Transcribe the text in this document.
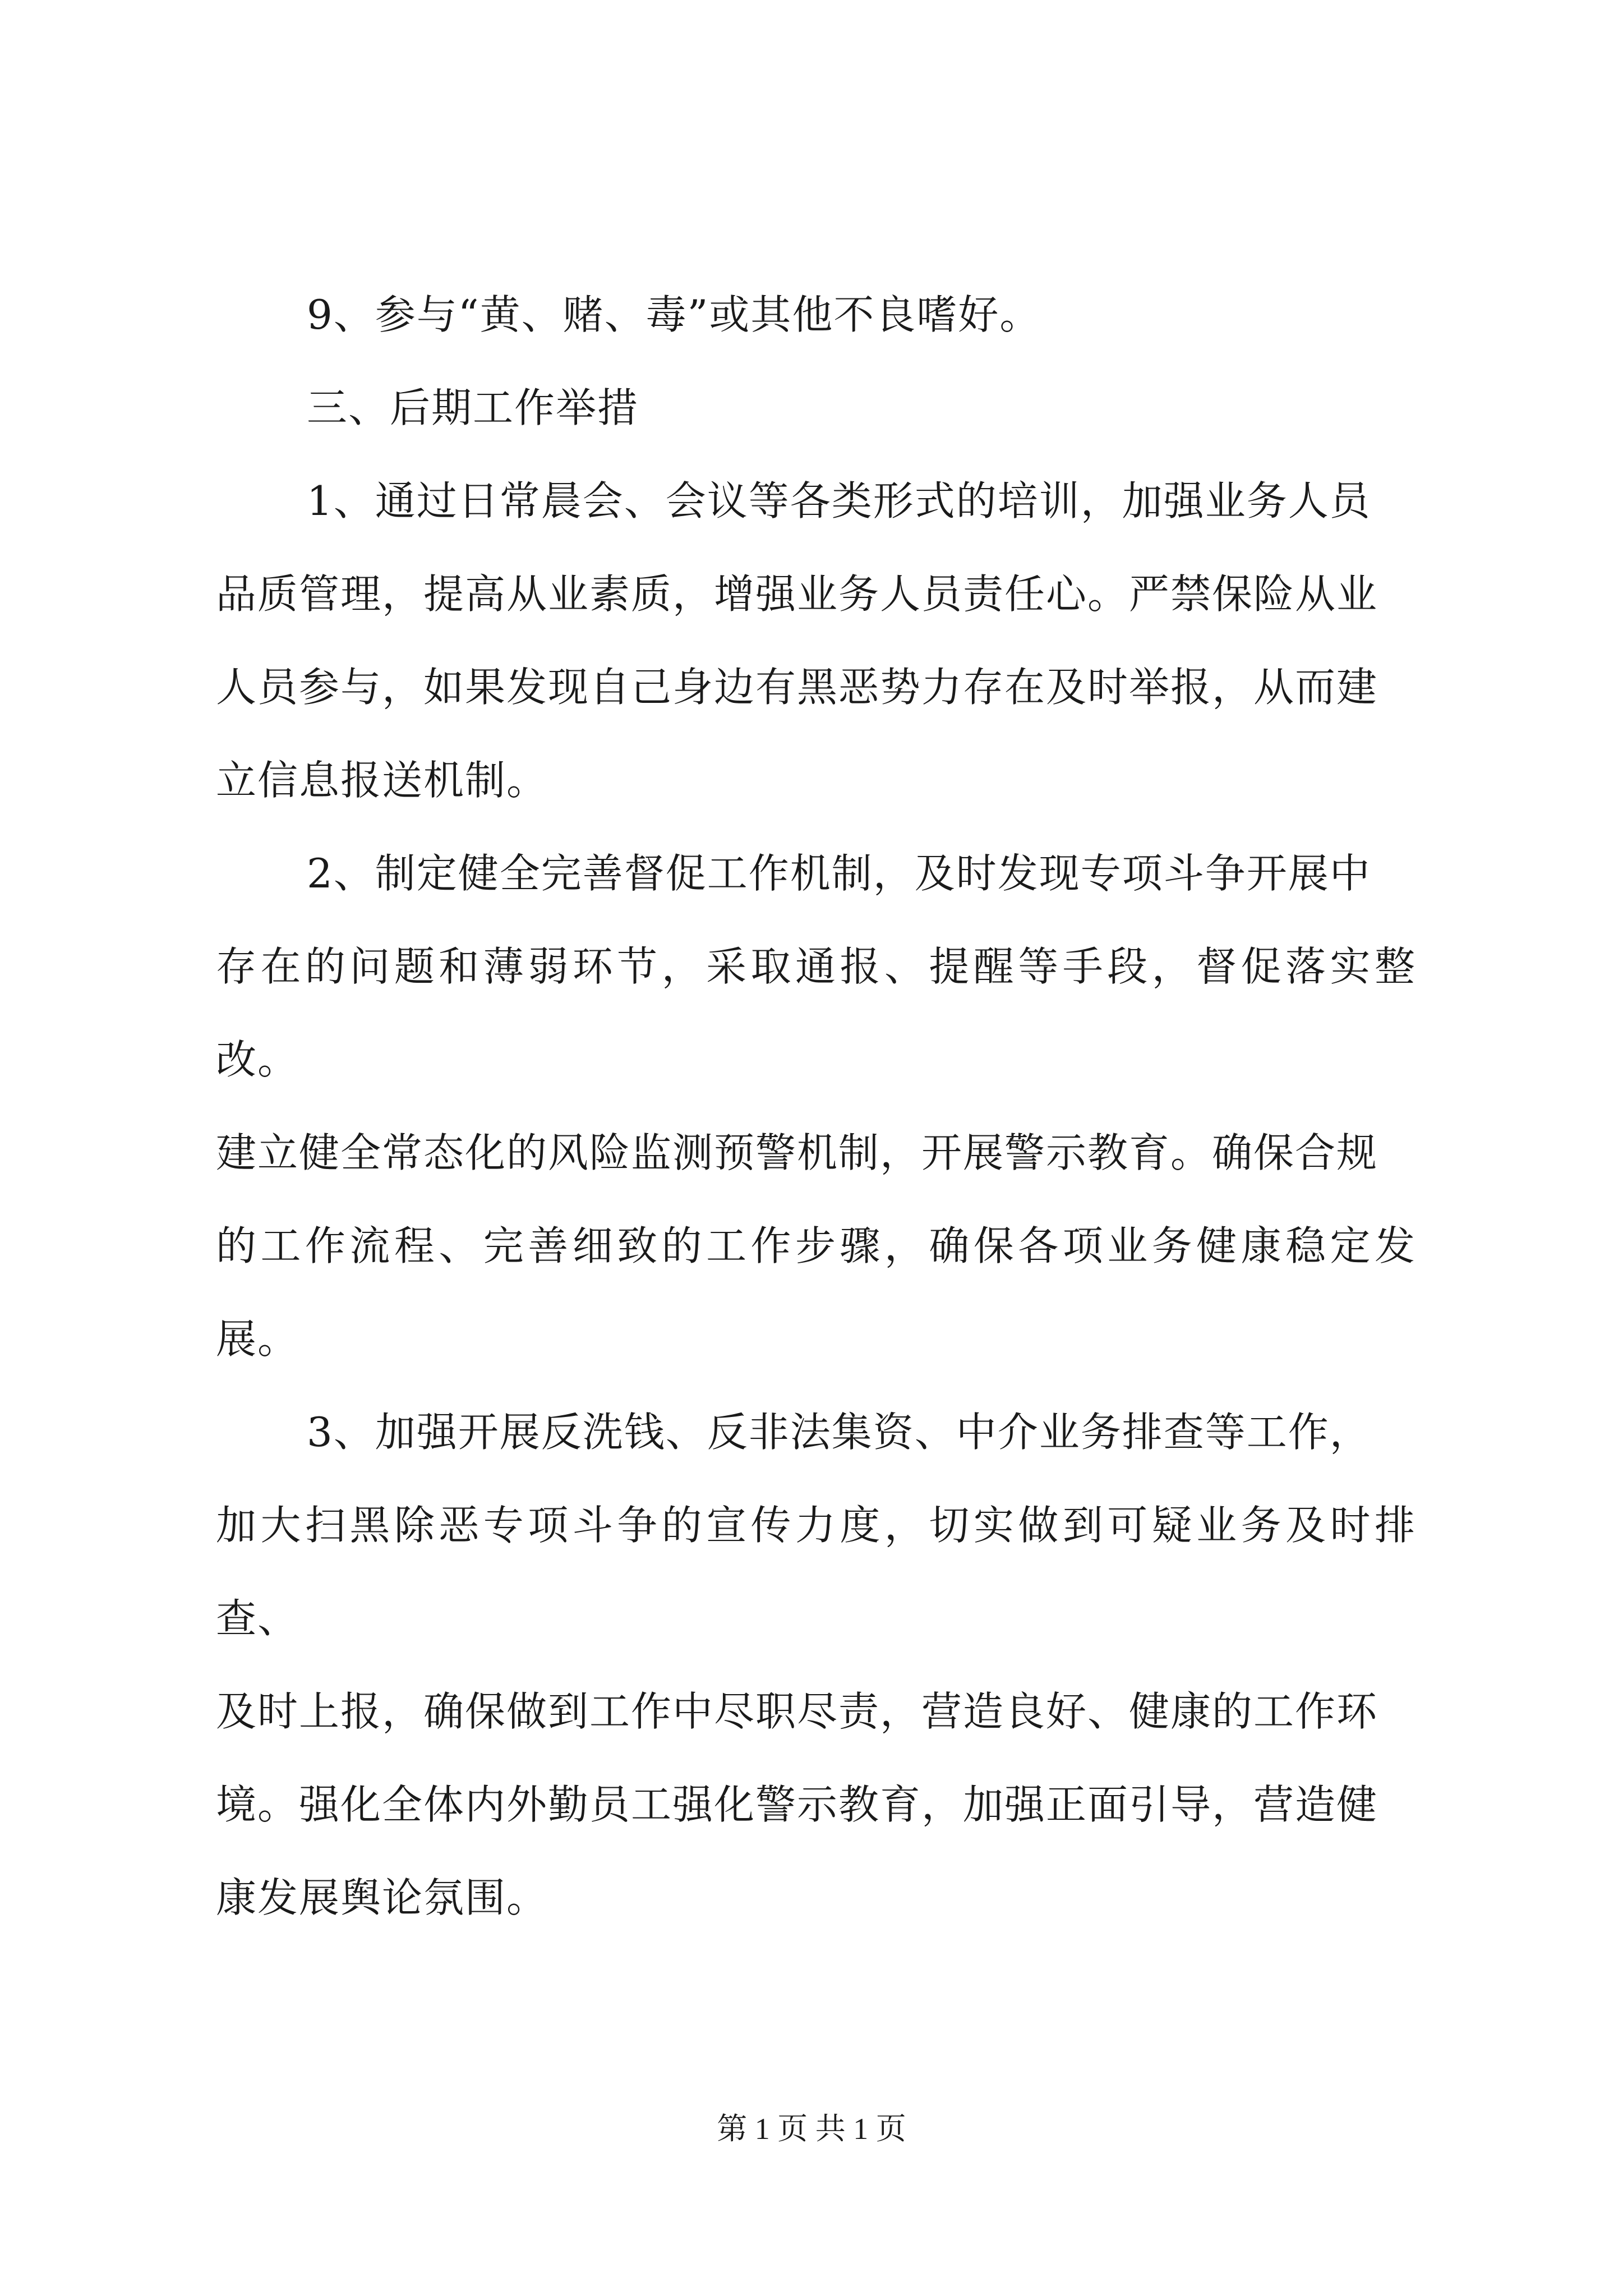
9、参与“黄、赌、毒”或其他不良嗜好。

三、后期工作举措

1、通过日常晨会、会议等各类形式的培训，加强业务人员
品质管理，提高从业素质，增强业务人员责任心。严禁保险从业
人员参与，如果发现自己身边有黑恶势力存在及时举报，从而建
立信息报送机制。

2、制定健全完善督促工作机制，及时发现专项斗争开展中
存在的问题和薄弱环节，采取通报、提醒等手段，督促落实整改。
建立健全常态化的风险监测预警机制，开展警示教育。确保合规
的工作流程、完善细致的工作步骤，确保各项业务健康稳定发展。

3、加强开展反洗钱、反非法集资、中介业务排查等工作，
加大扫黑除恶专项斗争的宣传力度，切实做到可疑业务及时排查、
及时上报，确保做到工作中尽职尽责，营造良好、健康的工作环
境。强化全体内外勤员工强化警示教育，加强正面引导，营造健
康发展舆论氛围。

第 1 页 共 1 页
